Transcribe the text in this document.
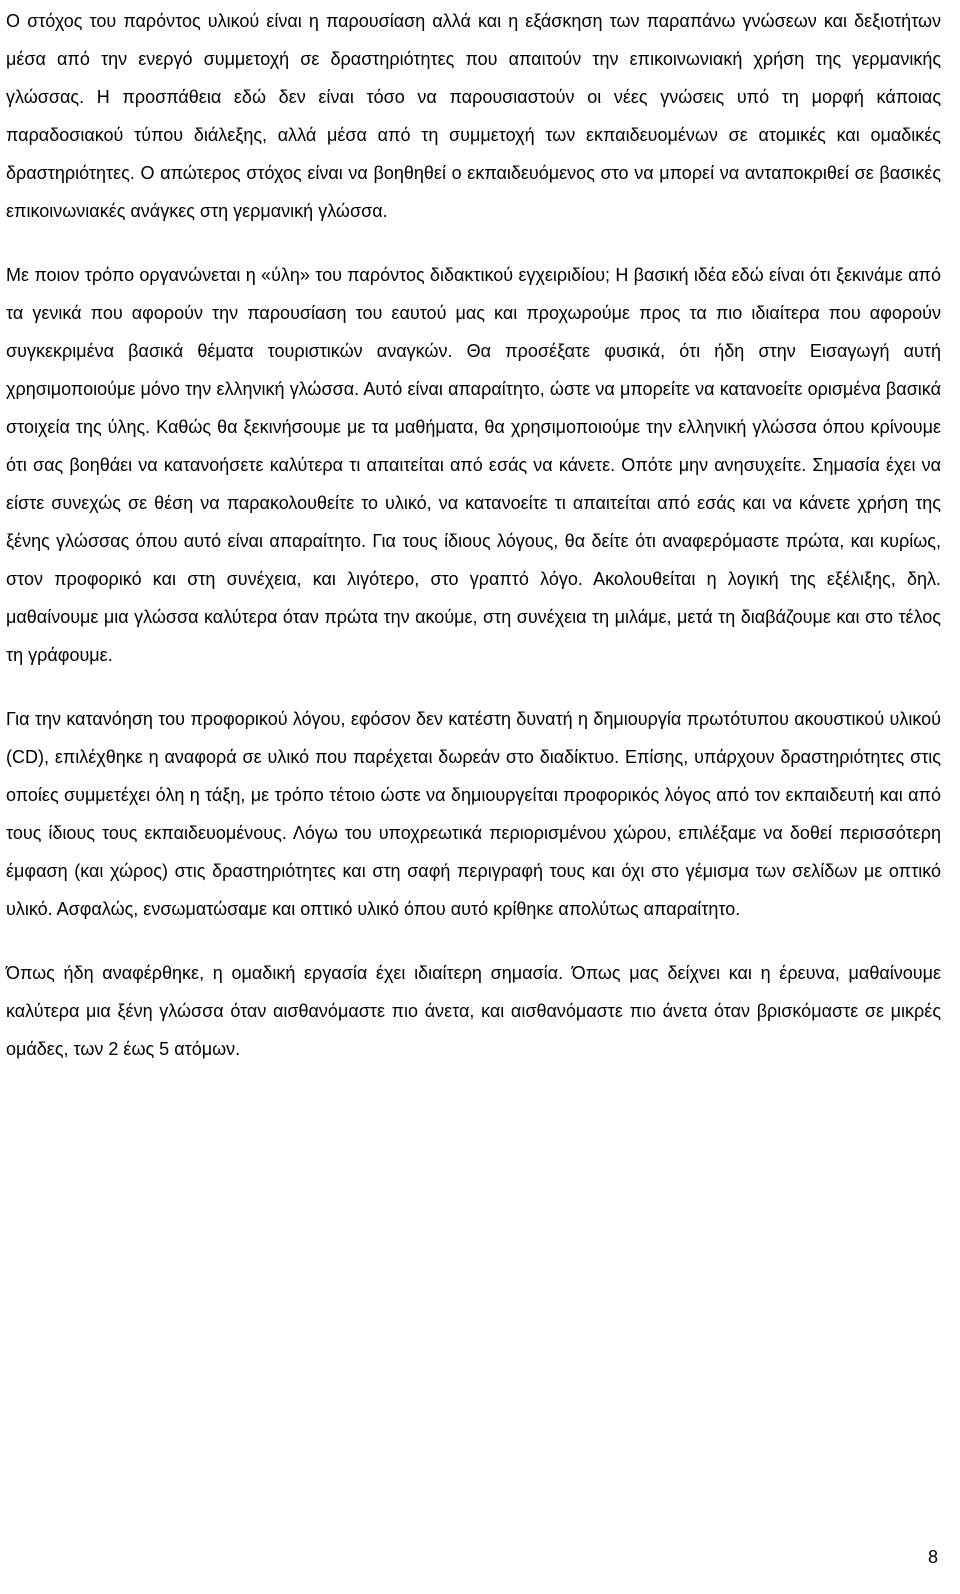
Ο στόχος του παρόντος υλικού είναι η παρουσίαση αλλά και η εξάσκηση των παραπάνω γνώσεων και δεξιοτήτων μέσα από την ενεργό συμμετοχή σε δραστηριότητες που απαιτούν την επικοινωνιακή χρήση της γερμανικής γλώσσας. Η προσπάθεια εδώ δεν είναι τόσο να παρουσιαστούν οι νέες γνώσεις υπό τη μορφή κάποιας παραδοσιακού τύπου διάλεξης, αλλά μέσα από τη συμμετοχή των εκπαιδευομένων σε ατομικές και ομαδικές δραστηριότητες. Ο απώτερος στόχος είναι να βοηθηθεί ο εκπαιδευόμενος στο να μπορεί να ανταποκριθεί σε βασικές επικοινωνιακές ανάγκες στη γερμανική γλώσσα.

Με ποιον τρόπο οργανώνεται η «ύλη» του παρόντος διδακτικού εγχειριδίου; Η βασική ιδέα εδώ είναι ότι ξεκινάμε από τα γενικά που αφορούν την παρουσίαση του εαυτού μας και προχωρούμε προς τα πιο ιδιαίτερα που αφορούν συγκεκριμένα βασικά θέματα τουριστικών αναγκών. Θα προσέξατε φυσικά, ότι ήδη στην Εισαγωγή αυτή χρησιμοποιούμε μόνο την ελληνική γλώσσα. Αυτό είναι απαραίτητο, ώστε να μπορείτε να κατανοείτε ορισμένα βασικά στοιχεία της ύλης. Καθώς θα ξεκινήσουμε με τα μαθήματα, θα χρησιμοποιούμε την ελληνική γλώσσα όπου κρίνουμε ότι σας βοηθάει να κατανοήσετε καλύτερα τι απαιτείται από εσάς να κάνετε. Οπότε μην ανησυχείτε. Σημασία έχει να είστε συνεχώς σε θέση να παρακολουθείτε το υλικό, να κατανοείτε τι απαιτείται από εσάς και να κάνετε χρήση της ξένης γλώσσας όπου αυτό είναι απαραίτητο. Για τους ίδιους λόγους, θα δείτε ότι αναφερόμαστε πρώτα, και κυρίως, στον προφορικό και στη συνέχεια, και λιγότερο, στο γραπτό λόγο. Ακολουθείται η λογική της εξέλιξης, δηλ. μαθαίνουμε μια γλώσσα καλύτερα όταν πρώτα την ακούμε, στη συνέχεια τη μιλάμε, μετά τη διαβάζουμε και στο τέλος τη γράφουμε.

Για την κατανόηση του προφορικού λόγου, εφόσον δεν κατέστη δυνατή η δημιουργία πρωτότυπου ακουστικού υλικού (CD), επιλέχθηκε η αναφορά σε υλικό που παρέχεται δωρεάν στο διαδίκτυο. Επίσης, υπάρχουν δραστηριότητες στις οποίες συμμετέχει όλη η τάξη, με τρόπο τέτοιο ώστε να δημιουργείται προφορικός λόγος από τον εκπαιδευτή και από τους ίδιους τους εκπαιδευομένους. Λόγω του υποχρεωτικά περιορισμένου χώρου, επιλέξαμε να δοθεί περισσότερη έμφαση (και χώρος) στις δραστηριότητες και στη σαφή περιγραφή τους και όχι στο γέμισμα των σελίδων με οπτικό υλικό. Ασφαλώς, ενσωματώσαμε και οπτικό υλικό όπου αυτό κρίθηκε απολύτως απαραίτητο.

Όπως ήδη αναφέρθηκε, η ομαδική εργασία έχει ιδιαίτερη σημασία. Όπως μας δείχνει και η έρευνα, μαθαίνουμε καλύτερα μια ξένη γλώσσα όταν αισθανόμαστε πιο άνετα, και αισθανόμαστε πιο άνετα όταν βρισκόμαστε σε μικρές ομάδες, των 2 έως 5 ατόμων.

8
